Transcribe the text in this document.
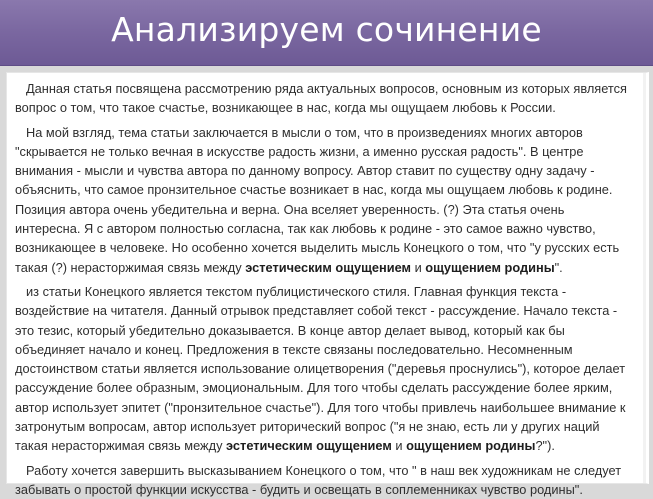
Анализируем сочинение

Данная статья посвящена рассмотрению ряда актуальных вопросов, основным из которых является вопрос о том, что такое счастье, возникающее в нас, когда мы ощущаем любовь к России.

На мой взгляд, тема статьи заключается в мысли о том, что в произведениях многих авторов "скрывается не только вечная в искусстве радость жизни, а именно русская радость". В центре внимания - мысли и чувства автора по данному вопросу. Автор ставит по существу одну задачу - объяснить, что самое пронзительное счастье возникает в нас, когда мы ощущаем любовь к родине. Позиция автора очень убедительна и верна. Она вселяет уверенность. (?) Эта статья очень интересна. Я с автором полностью согласна, так как любовь к родине - это самое важно чувство, возникающее в человеке. Но особенно хочется выделить мысль Конецкого о том, что "у русских есть такая (?) нерасторжимая связь между эстетическим ощущением и ощущением родины".

из статьи Конецкого является текстом публицистического стиля. Главная функция текста - воздействие на читателя. Данный отрывок представляет собой текст - рассуждение. Начало текста - это тезис, который убедительно доказывается. В конце автор делает вывод, который как бы объединяет начало и конец. Предложения в тексте связаны последовательно. Несомненным достоинством статьи является использование олицетворения ("деревья проснулись"), которое делает рассуждение более образным, эмоциональным. Для того чтобы сделать рассуждение более ярким, автор использует эпитет ("пронзительное счастье"). Для того чтобы привлечь наибольшее внимание к затронутым вопросам, автор использует риторический вопрос ("я не знаю, есть ли у других наций такая нерасторжимая связь между эстетическим ощущением и ощущением родины?").

Работу хочется завершить высказыванием Конецкого о том, что " в наш век художникам не следует забывать о простой функции искусства - будить и освещать в соплеменниках чувство родины".
